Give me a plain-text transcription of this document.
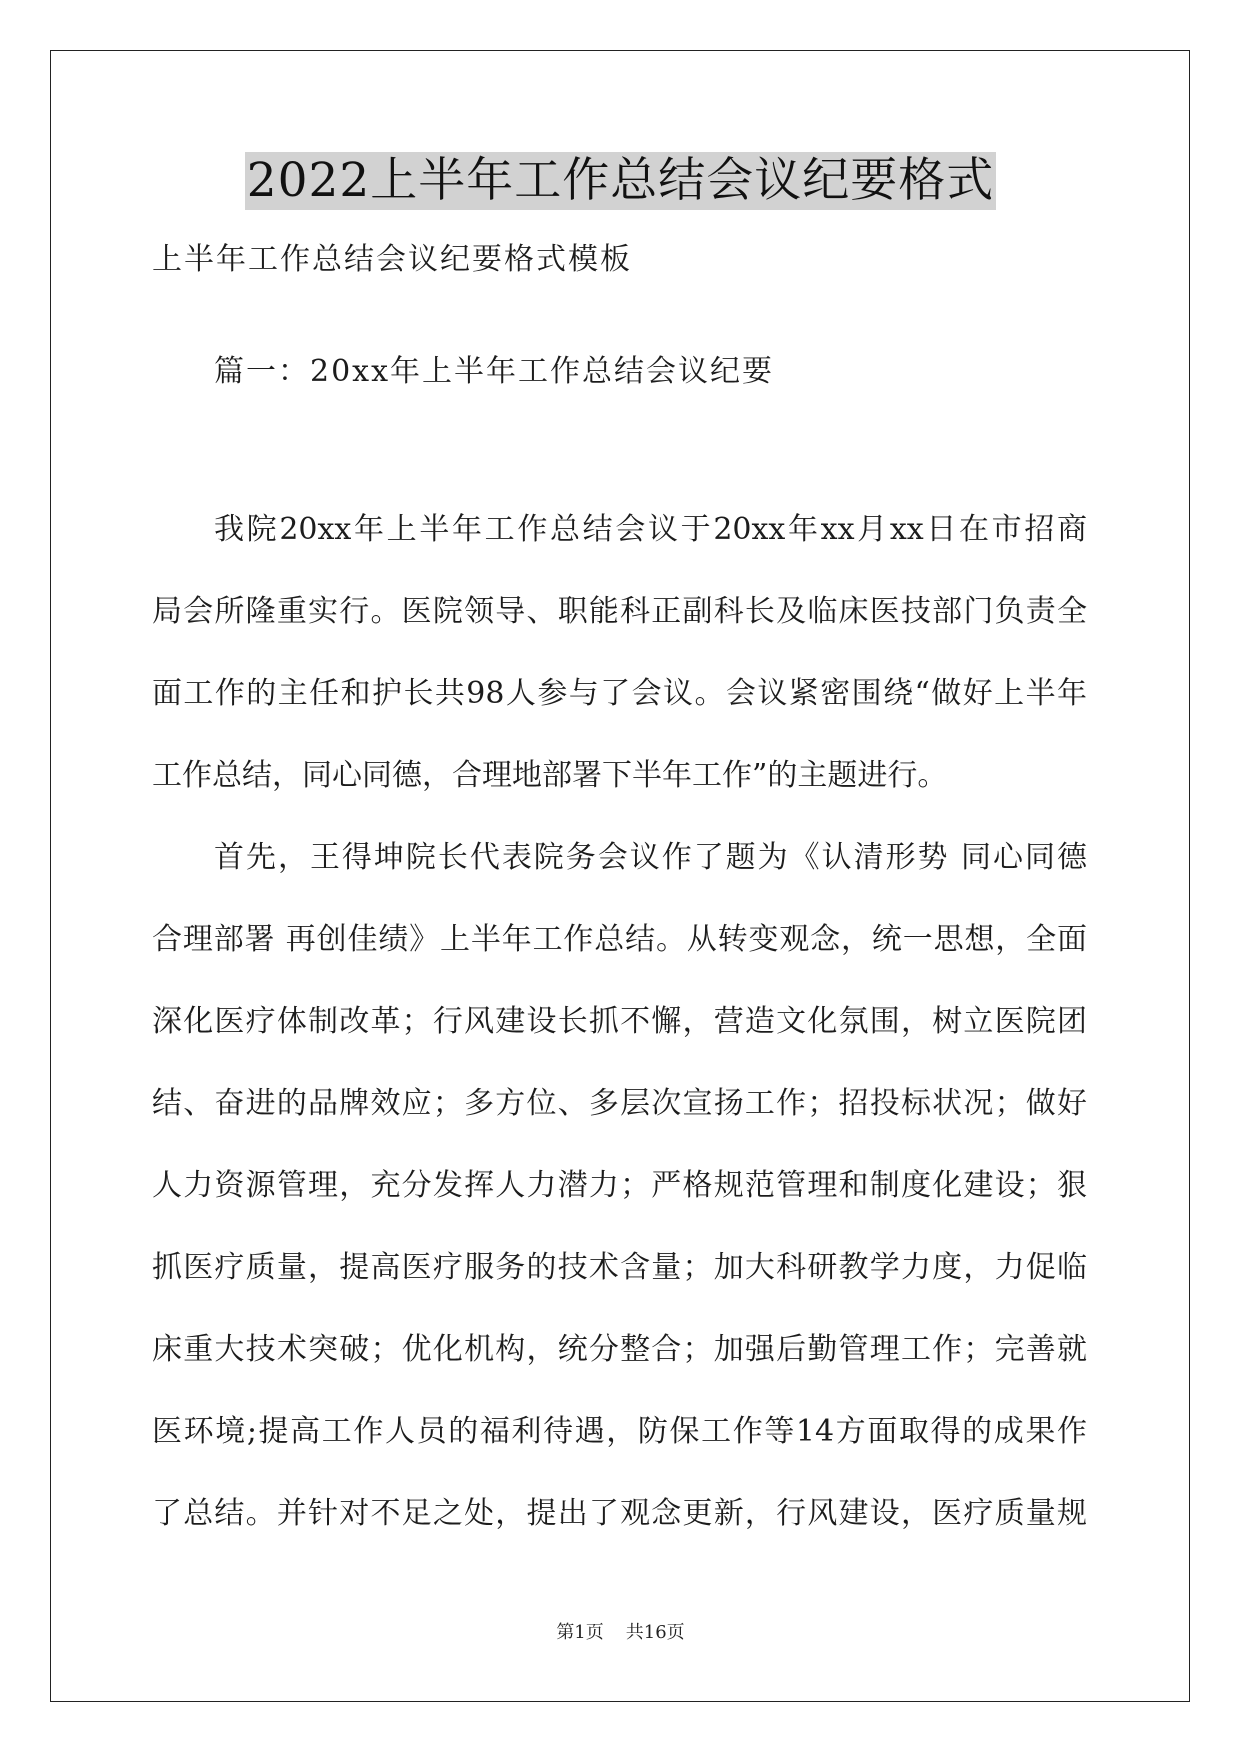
2022上半年工作总结会议纪要格式
上半年工作总结会议纪要格式模板
篇一：20xx年上半年工作总结会议纪要
我院20xx年上半年工作总结会议于20xx年xx月xx日在市招商
局会所隆重实行。医院领导、职能科正副科长及临床医技部门负责全
面工作的主任和护长共98人参与了会议。会议紧密围绕“做好上半年
工作总结，同心同德，合理地部署下半年工作”的主题进行。
首先，王得坤院长代表院务会议作了题为《认清形势 同心同德
合理部署 再创佳绩》上半年工作总结。从转变观念，统一思想，全面
深化医疗体制改革；行风建设长抓不懈，营造文化氛围，树立医院团
结、奋进的品牌效应；多方位、多层次宣扬工作；招投标状况；做好
人力资源管理，充分发挥人力潜力；严格规范管理和制度化建设；狠
抓医疗质量，提高医疗服务的技术含量；加大科研教学力度，力促临
床重大技术突破；优化机构，统分整合；加强后勤管理工作；完善就
医环境;提高工作人员的福利待遇，防保工作等14方面取得的成果作
了总结。并针对不足之处，提出了观念更新，行风建设，医疗质量规
第1页 共16页
